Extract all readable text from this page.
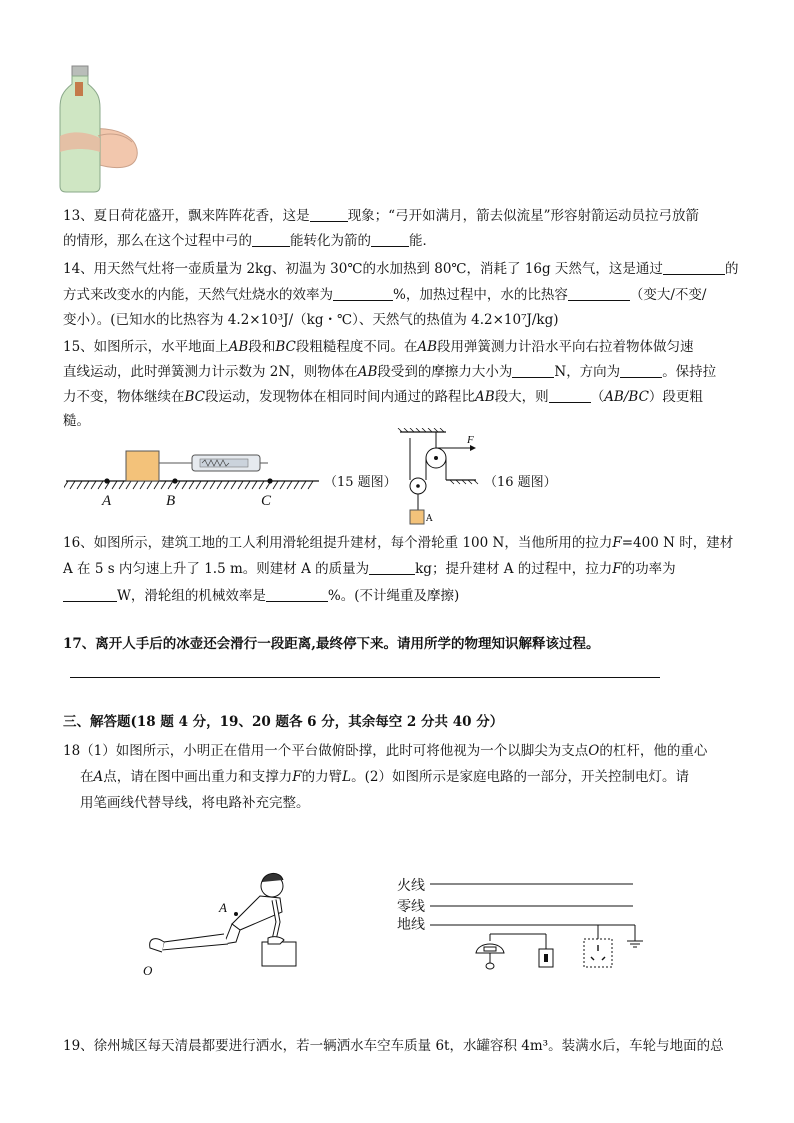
13、夏日荷花盛开，飘来阵阵花香，这是	现象；“弓开如满月，箭去似流星”形容射箭运动员拉弓放箭
的情形，那么在这个过程中弓的	能转化为箭的	能．
14、用天然气灶将一壶质量为 2kg、初温为 30℃的水加热到 80℃，消耗了 16g 天然气，这是通过	的
方式来改变水的内能，天然气灶烧水的效率为	%，加热过程中，水的比热容	（变大/不变/
变小）。(已知水的比热容为 4.2×10³J/（kg・℃）、天然气的热值为 4.2×10⁷J/kg)
15、如图所示，水平地面上AB段和BC段粗糙程度不同。在AB段用弹簧测力计沿水平向右拉着物体做匀速
直线运动，此时弹簧测力计示数为 2N，则物体在AB段受到的摩擦力大小为	N，方向为	。保持拉
力不变，物体继续在BC段运动，发现物体在相同时间内通过的路程比AB段大，则	（AB/BC）段更粗
糙。
A	B	C
（15 题图）
F
A
（16 题图）
16、如图所示，建筑工地的工人利用滑轮组提升建材，每个滑轮重 100 N，当他所用的拉力F=400 N 时，建材
A 在 5 s 内匀速上升了 1.5 m。则建材 A 的质量为	kg；提升建材 A 的过程中，拉力F的功率为
W，滑轮组的机械效率是	%。(不计绳重及摩擦)
17、离开人手后的冰壶还会滑行一段距离,最终停下来。请用所学的物理知识解释该过程。
三、解答题(18 题 4 分，19、20 题各 6 分，其余每空 2 分共 40 分）
18（1）如图所示，小明正在借用一个平台做俯卧撑，此时可将他视为一个以脚尖为支点O的杠杆，他的重心
在A点，请在图中画出重力和支撑力F的力臂L。(2）如图所示是家庭电路的一部分，开关控制电灯。请
用笔画线代替导线，将电路补充完整。
A
O
火线
零线
地线
19、徐州城区每天清晨都要进行洒水，若一辆洒水车空车质量 6t，水罐容积 4m³。装满水后，车轮与地面的总
